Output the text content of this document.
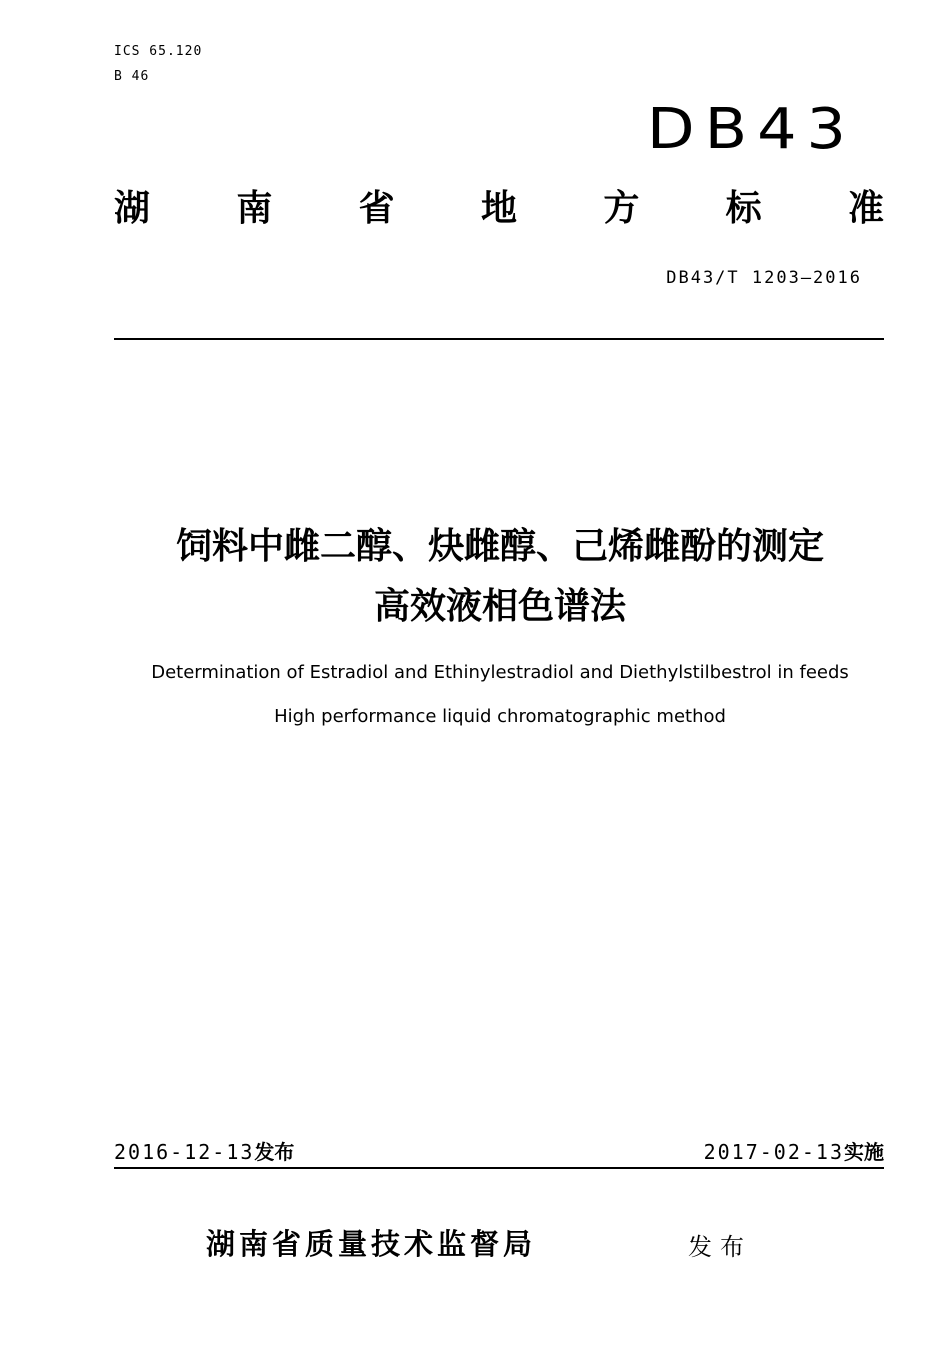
ICS 65.120
B 46
DB43
湖 南 省 地 方 标 准
DB43/T 1203—2016
饲料中雌二醇、炔雌醇、己烯雌酚的测定
高效液相色谱法
Determination of Estradiol and Ethinylestradiol and Diethylstilbestrol in feeds
High performance liquid chromatographic method
2016-12-13发布	2017-02-13实施
湖南省质量技术监督局	发布
